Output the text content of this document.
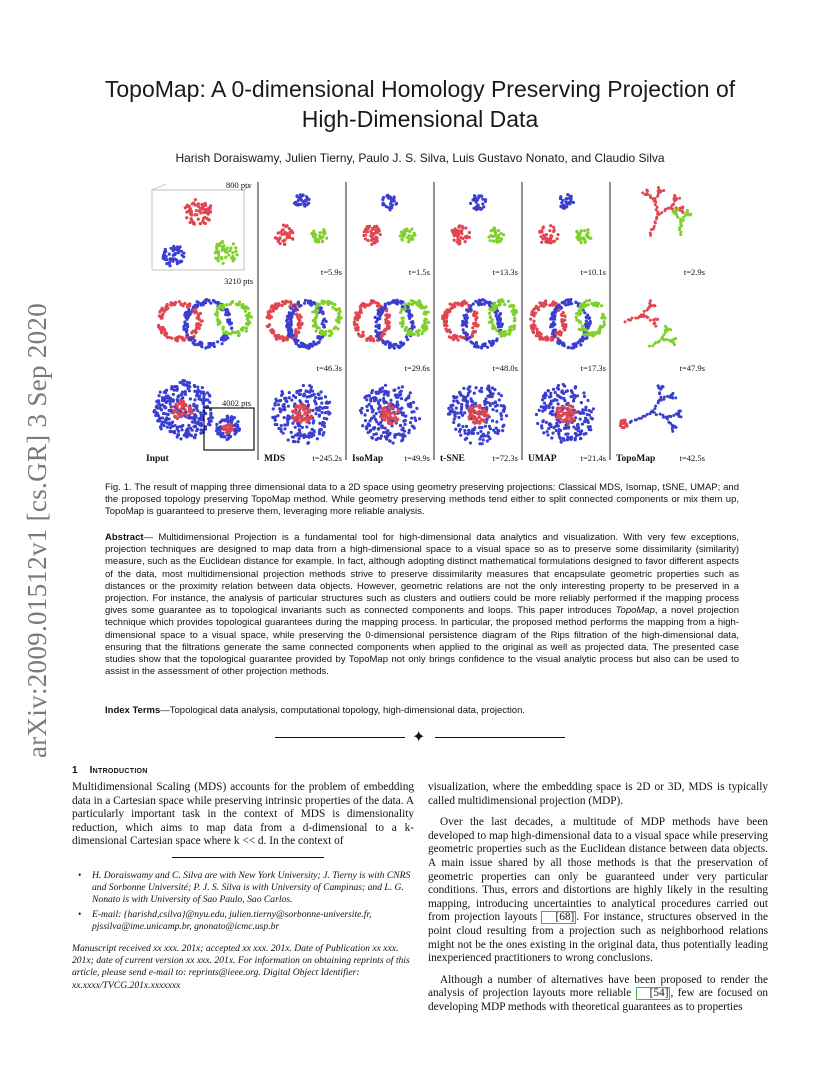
arXiv:2009.01512v1 [cs.GR] 3 Sep 2020
TopoMap: A 0-dimensional Homology Preserving Projection of
High-Dimensional Data
Harish Doraiswamy, Julien Tierny, Paulo J. S. Silva, Luis Gustavo Nonato, and Claudio Silva
800 pts
3210 pts
4002 pts
Input	MDS	IsoMap	t-SNE	UMAP	TopoMap
t=5.9s	t=1.5s	t=13.3s	t=10.1s	t=2.9s
t=46.3s	t=29.6s	t=48.0s	t=17.3s	t=47.9s
t=245.2s	t=49.9s	t=72.3s	t=21.4s	t=42.5s
Fig. 1. The result of mapping three dimensional data to a 2D space using geometry preserving projections: Classical MDS, Isomap, tSNE, UMAP; and the proposed topology preserving TopoMap method. While geometry preserving methods tend either to split connected components or mix them up, TopoMap is guaranteed to preserve them, leveraging more reliable analysis.
Abstract— Multidimensional Projection is a fundamental tool for high-dimensional data analytics and visualization. With very few exceptions, projection techniques are designed to map data from a high-dimensional space to a visual space so as to preserve some dissimilarity (similarity) measure, such as the Euclidean distance for example. In fact, although adopting distinct mathematical formulations designed to favor different aspects of the data, most multidimensional projection methods strive to preserve dissimilarity measures that encapsulate geometric properties such as distances or the proximity relation between data objects. However, geometric relations are not the only interesting property to be preserved in a projection. For instance, the analysis of particular structures such as clusters and outliers could be more reliably performed if the mapping process gives some guarantee as to topological invariants such as connected components and loops. This paper introduces TopoMap, a novel projection technique which provides topological guarantees during the mapping process. In particular, the proposed method performs the mapping from a high-dimensional space to a visual space, while preserving the 0-dimensional persistence diagram of the Rips filtration of the high-dimensional data, ensuring that the filtrations generate the same connected components when applied to the original as well as projected data. The presented case studies show that the topological guarantee provided by TopoMap not only brings confidence to the visual analytic process but also can be used to assist in the assessment of other projection methods.
Index Terms—Topological data analysis, computational topology, high-dimensional data, projection.
✦
1 Introduction

Multidimensional Scaling (MDS) accounts for the problem of embedding data in a Cartesian space while preserving intrinsic properties of the data. A particularly important task in the context of MDS is dimensionality reduction, which aims to map data from a d-dimensional to a k-dimensional Cartesian space where k << d. In the context of

• H. Doraiswamy and C. Silva are with New York University; J. Tierny is with CNRS and Sorbonne Université; P. J. S. Silva is with University of Campinas; and L. G. Nonato is with University of Sao Paulo, Sao Carlos.
• E-mail: {harishd,csilva}@nyu.edu, julien.tierny@sorbonne-universite.fr, pjssilva@ime.unicamp.br, gnonato@icmc.usp.br
Manuscript received xx xxx. 201x; accepted xx xxx. 201x. Date of Publication xx xxx. 201x; date of current version xx xxx. 201x. For information on obtaining reprints of this article, please send e-mail to: reprints@ieee.org. Digital Object Identifier: xx.xxxx/TVCG.201x.xxxxxxx

visualization, where the embedding space is 2D or 3D, MDS is typically called multidimensional projection (MDP).

Over the last decades, a multitude of MDP methods have been developed to map high-dimensional data to a visual space while preserving geometric properties such as the Euclidean distance between data objects. A main issue shared by all those methods is that the preservation of geometric properties can only be guaranteed under very particular conditions. Thus, errors and distortions are highly likely in the resulting mapping, introducing uncertainties to analytical procedures carried out from projection layouts [68] . For instance, structures observed in the point cloud resulting from a projection such as neighborhood relations might not be the ones existing in the original data, thus potentially leading inexperienced practitioners to wrong conclusions.

Although a number of alternatives have been proposed to render the analysis of projection layouts more reliable [54] , few are focused on developing MDP methods with theoretical guarantees as to properties
